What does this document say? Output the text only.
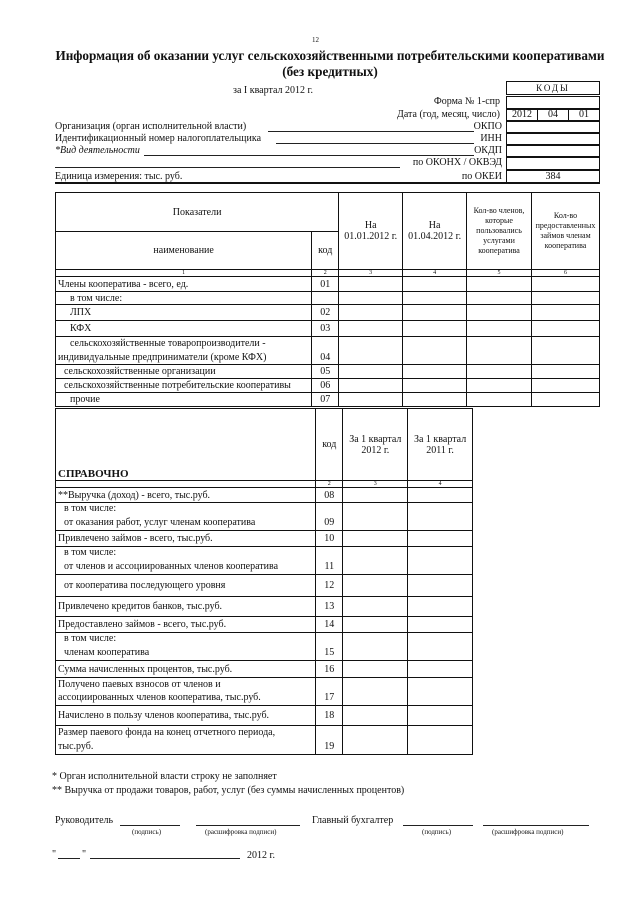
12
Информация об оказании услуг сельскохозяйственными потребительскими кооперативами
(без кредитных)
за I квартал 2012 г.	КОДЫ
Форма № 1-спр
Дата (год, месяц, число)	2012	04	01
Организация (орган исполнительной власти)	ОКПО
Идентификационный номер налогоплательщика	ИНН
*Вид деятельности	ОКДП
по ОКОНХ / ОКВЭД
Единица измерения: тыс. руб.	по ОКЕИ	384
Показатели		На 01.01.2012 г.	На 01.04.2012 г.	Кол-во членов, которые пользовались услугами кооператива	Кол-во предоставленных займов членам кооператива
наименование	код				
1	2	3	4	5	6
Члены кооператива - всего, ед.	01				
в том числе:					
ЛПХ	02				
КФХ	03				
сельскохозяйственные товаропроизводители -					
индивидуальные предприниматели (кроме КФХ)	04				
сельскохозяйственные организации	05				
сельскохозяйственные потребительские кооперативы	06				
прочие	07				
СПРАВОЧНО	код	За 1 квартал 2012 г.	За 1 квартал 2011 г.
	2	3	4
**Выручка (доход) - всего, тыс.руб.	08		
в том числе:			
от оказания работ, услуг членам кооператива	09		
Привлечено займов - всего, тыс.руб.	10		
в том числе:			
от членов и ассоциированных членов кооператива	11		
от кооператива последующего уровня	12		
Привлечено кредитов банков, тыс.руб.	13		
Предоставлено займов - всего, тыс.руб.	14		
в том числе:			
членам кооператива	15		
Сумма начисленных процентов, тыс.руб.	16		
Получено паевых взносов от членов и			
ассоциированных членов кооператива, тыс.руб.	17		
Начислено в пользу членов кооператива, тыс.руб.	18		
Размер паевого фонда на конец отчетного периода,			
тыс.руб.	19		
* Орган исполнительной власти строку не заполняет
** Выручка от продажи товаров, работ, услуг (без суммы начисленных процентов)
Руководитель
(подпись)	(расшифровка подписи)
Главный бухгалтер
(подпись)	(расшифровка подписи)
"	"	2012 г.
